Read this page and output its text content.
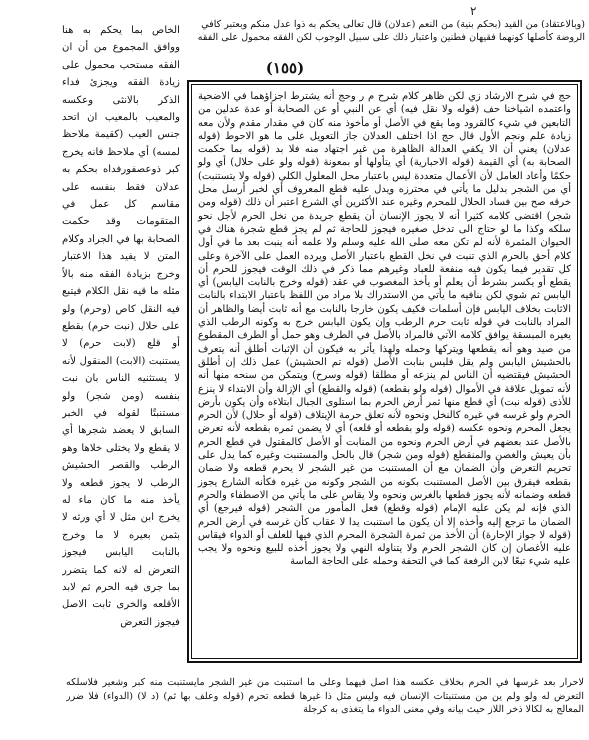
٢
(وبالاعتقاد) من القيد (بحكم بنية) من النعم (عدلان) قال تعالى يحكم به ذوا عدل منكم وبعتبر كافي الروضة كأصلها كونهما فقيهان فطنين واعتبار ذلك على سبيل الوجوب لكن الفقه محمول على الفقه
(١٥٥)
الخاص بما يحكم به هنا ووافق المجموع من أن ان الفقه مستحب محمول على زيادة الفقه ويجزئ فداء الذكر بالانثى وعكسه والمعيب بالمعيب ان اتحد جنس العيب (كقيمة ملاحظ لمسه) أي ملاحظ فانه يخرج كبر ذوعصفورفداه بحكم به عدلان فقط بنفسه على مقاسم كل عمل في المتقومات وقد حكمت الصحابة بها في الجراد وكلام المتن لا يفيد هذا الاعتبار وخرج بزيادة الفقه منه بالاً مثله ما قيه نقل الكلام فيتبع فيه النقل كاص (وحرم) ولو على حلال (نبت حرم) بقطع أو قلع (لابت حرم) لا يستنبت (الابت) المنقول لأنه لا يستثنيه الناس بان نبت بنفسه (ومن شجر) ولو مستنبتًا لقوله في الخبر السابق لا يعضد شجرها أي لا يقطع ولا يختلى خلاها وهو الرطب والقصر الحشيش الرطب لا يجوز قطعه ولا يأخذ منه ما كان ماء له يخرج ابن مثل لا أي ورثه لا بثمن بعيره لا ما وخرج بالنابت اليابس فيجوز التعرض له لانه كما يتضرر بما جرى فيه الحرم ثم لابد الأقلعه والخرى ثابت الاصل فيجوز التعرض
حج في شرح الارشاد زي لكن ظاهر كلام شرح م ر وحج أنه يشترط اجزاؤهما في الاضحية واعتمده اشياخنا حف (قوله ولا نقل فيه) أي عن النبي أو عن الصحابة أو عدة عدلين من التابعين في شيء كالقرود وما يقع في الأصل أو مأخوذ منه كان في مقدار مقدم ولأن معه زيادة علم ونجم الأول قال حج اذا اختلف العدلان جاز التعويل على ما هو الاحوط (قوله عدلان) يعني أن الا يكفي العدالة الظاهرة من غير اجتهاد منه فلا بد (قوله بما حكمت الصحابة به) أي القيمة (قوله الاحبارية) أي يتأولها أو بمعونة (قوله ولو على حلال) أي ولو حكمًا وأعاد العامل لأن الأعمال متعددة ليس باعتبار محل المعلول الكلي (قوله ولا يتستنبت) أي من الشجر بدليل ما يأتي في محترزه ويدل عليه قطع المعروف أي لخبر أرسل محل خرقه صح بين فساد الحلال للمحرم وغيره عند الأكثرين أي الشرع اعتبر أن ذلك (قوله ومن شجر) اقتضى كلامه كثيرا أنه لا يجوز الإنسان أن يقطع جريدة من نخل الحرم لأجل نحو سلكه وكذا ما لو حتاج الى تدخل صغيره فيجوز للحاجة ثم لم يجز قطع شجرة هناك في الحيوان المثمرة لأنه لم تكن معه صلى الله عليه وسلم ولا علمه أنه ينبت بعد ما في أول كلام أحق بالحرم الذي تنبت في نخل القطع باعتبار الأصل ويرده العمل على الآخرة وعلى كل تقدير فيما يكون فيه منفعة للعباد وغيرهم مما ذكر في ذلك الوقت فيجوز للحرم أن يقطع أو يكسر بشرط أن يعلم أو يأخذ المغصوب في عقد (قوله وخرج بالنابت اليابس) أي اليابس ثم شوي لكن بنافيه ما يأتي من الاستدراك بلا مراد من اللفظ باعتبار الابتداء بالنابت الاثابت بخلاف اليابس فإن أسلمات فكيف يكون خارجا بالنابت مع أنه ثابت أيضا والظاهر أن المراد بالنابت في قوله ثابت حرم الرطب وإن يكون اليابس خرج به وكونه الرطب الذي يغيره المبسقة يوافق كلامه الآتي فالمراد بالأصل في الطرف وهو حمل أو الطرف المقطوع من صيد وهو أنه يقطعها ويتركها وحمله ولهذا يأثر به فيكون أن الإثبات أطلق أنه يتعرف بالحشيش اليابس ولم يقل فليس بنابت الأصل (قوله تم الحشيش) عمل ذلك إن أطلق الحشيش فيقتضيه أن الناس لم ينزعه أو مطلقا (قوله وسرح) ويتمكن من سنحه منها أنه لأنه تمويل علاقة في الأموال (قوله ولو بقطعه) (قوله والقطع) أي الإزالة وأن الابتداء لا ينزع للأذى (قوله نبت) أي قطع منها ثمر أرض الحرم بما استلوى الجبال ابتلاءه وأن يكون بأرض الحرم ولو غرسه في غيره كالنخل ونحوه لأنه تعلق حرمة الإيتلاف (قوله أو حلال) لأن الحرم يجعل المحرم ونحوه عكسه (قوله ولو بقطعه أو قلعه) أي لا يضمن ثمره بقطعه لأنه تعرض بالأصل عند بعضهم في أرض الحرم ونحوه من المنابت أو الأصل كالمقتول في قطع الحرم بأن يعيش والغصن والمنقطع (قوله ومن شجر) قال بالحل والمستنبت وغيره كما يدل على تحريم التعرض وأن الضمان مع أن المستنبت من غير الشجر لا يحرم قطعه ولا ضمان بقطعه فيفرق بين الأصل المستنبت بكونه من الشجر وكونه من غيره فكأنه الشارع يجوز قطعه وضمانه لأنه يجوز قطعها بالغرس ونحوه ولا يقاس على ما يأتي من الاصطفاء والحرم الذي فإنه لم يكن عليه الإمام (قوله وقطع) فعل المأمور من الشجر (قوله فيرجع) أي الضمان ما ترجع إليه وأخذه إلا أن يكون ما استنبت يدا لا عقاب كأن غرسه في أرض الحرم (قوله لا جواز الإحارة) أن الأخذ من ثمرة الشجرة المحرم الذي فيها للعلف أو الدواء فيقاس عليه الأغصان إن كان الشجر الحرم ولا يتناوله النهي ولا يجوز أخذه للبيع ونحوه ولا يجب عليه شيء تبعًا لابن الرفعة كما في التحفة وحمله على الحاجة الماسة
لاحرار بعد غرسها في الحرم بخلاف عكسه هذا اصل فيهما وعلى ما استنبت من غير الشجر مايستنبت منه كبر وشعير فلاسلكه التعرض له ولو ولم ين من مستنبتات الإنسان فيه وليس مثل ذا غيرها قطعه تحرم (قوله وعلف بها ثم) (د لا) (الدواء) فلا ضرر المعالج به لكالا ذخر اللاز حيث بيانه وفي معنى الدواء ما يتغذى به كرجلة
